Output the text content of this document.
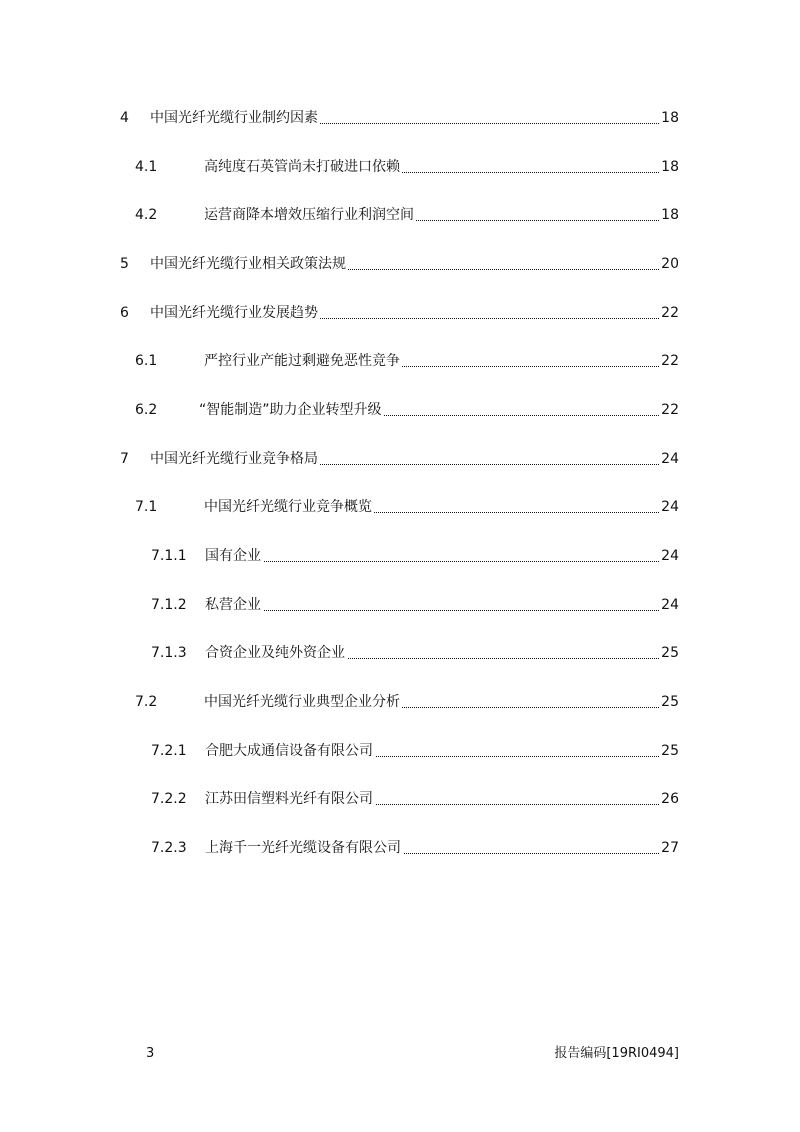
4 中国光纤光缆行业制约因素	18
4.1	高纯度石英管尚未打破进口依赖	18
4.2	运营商降本增效压缩行业利润空间	18
5 中国光纤光缆行业相关政策法规	20
6 中国光纤光缆行业发展趋势	22
6.1	严控行业产能过剩避免恶性竞争	22
6.2	“智能制造”助力企业转型升级	22
7 中国光纤光缆行业竞争格局	24
7.1	中国光纤光缆行业竞争概览	24
7.1.1 国有企业	24
7.1.2 私营企业	24
7.1.3 合资企业及纯外资企业	25
7.2	中国光纤光缆行业典型企业分析	25
7.2.1 合肥大成通信设备有限公司	25
7.2.2 江苏田信塑料光纤有限公司	26
7.2.3 上海千一光纤光缆设备有限公司	27
3	报告编码[19RI0494]
